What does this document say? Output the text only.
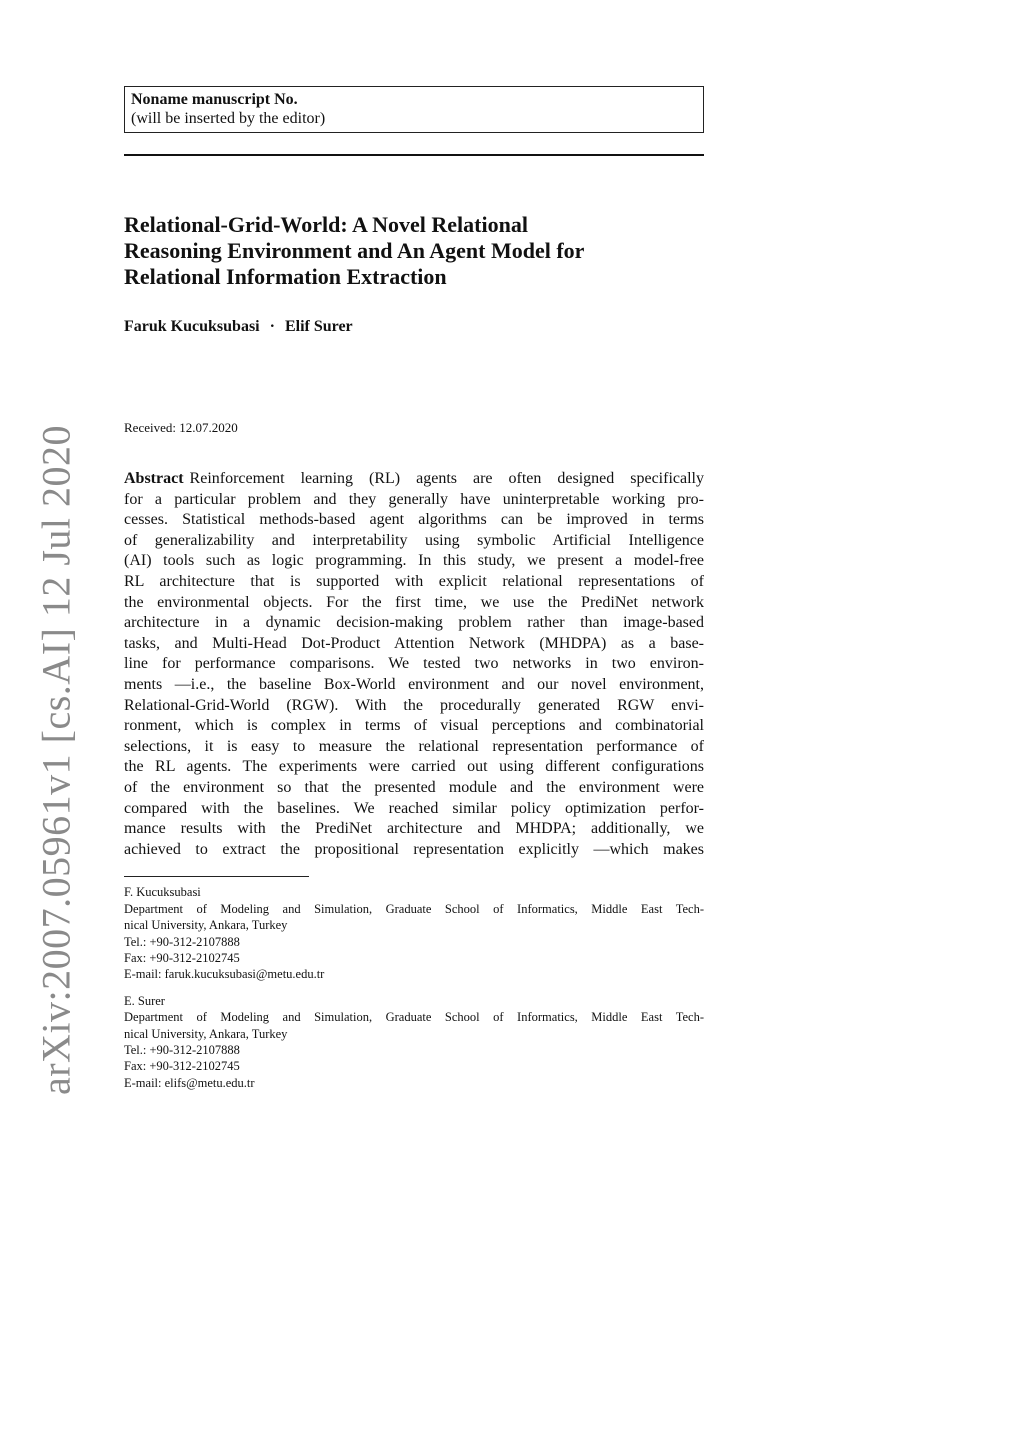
arXiv:2007.05961v1 [cs.AI] 12 Jul 2020
Noname manuscript No.
(will be inserted by the editor)
Relational-Grid-World: A Novel Relational
Reasoning Environment and An Agent Model for
Relational Information Extraction
Faruk Kucuksubasi · Elif Surer
Received: 12.07.2020
Abstract Reinforcement learning (RL) agents are often designed specifically
for a particular problem and they generally have uninterpretable working pro-
cesses. Statistical methods-based agent algorithms can be improved in terms
of generalizability and interpretability using symbolic Artificial Intelligence
(AI) tools such as logic programming. In this study, we present a model-free
RL architecture that is supported with explicit relational representations of
the environmental objects. For the first time, we use the PrediNet network
architecture in a dynamic decision-making problem rather than image-based
tasks, and Multi-Head Dot-Product Attention Network (MHDPA) as a base-
line for performance comparisons. We tested two networks in two environ-
ments —i.e., the baseline Box-World environment and our novel environment,
Relational-Grid-World (RGW). With the procedurally generated RGW envi-
ronment, which is complex in terms of visual perceptions and combinatorial
selections, it is easy to measure the relational representation performance of
the RL agents. The experiments were carried out using different configurations
of the environment so that the presented module and the environment were
compared with the baselines. We reached similar policy optimization perfor-
mance results with the PrediNet architecture and MHDPA; additionally, we
achieved to extract the propositional representation explicitly —which makes
F. Kucuksubasi
Department of Modeling and Simulation, Graduate School of Informatics, Middle East Tech-
nical University, Ankara, Turkey
Tel.: +90-312-2107888
Fax: +90-312-2102745
E-mail: faruk.kucuksubasi@metu.edu.tr
E. Surer
Department of Modeling and Simulation, Graduate School of Informatics, Middle East Tech-
nical University, Ankara, Turkey
Tel.: +90-312-2107888
Fax: +90-312-2102745
E-mail: elifs@metu.edu.tr
